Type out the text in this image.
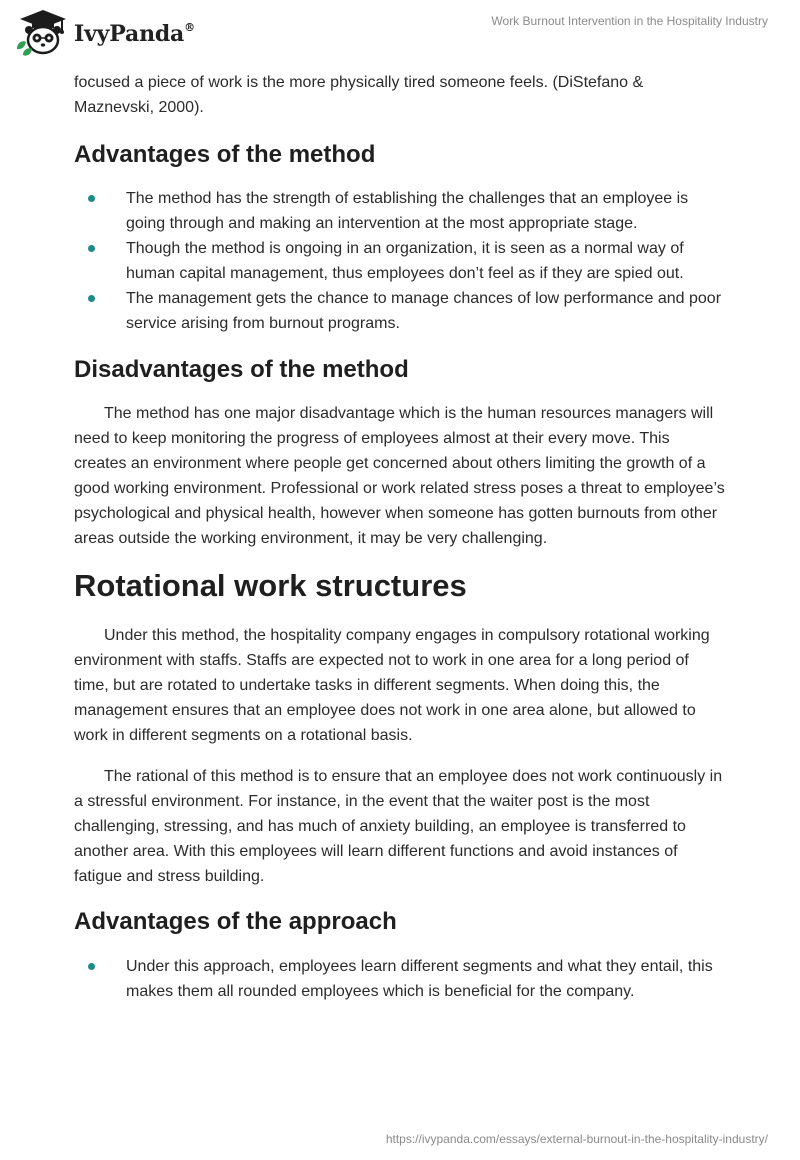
IvyPanda®	Work Burnout Intervention in the Hospitality Industry

focused a piece of work is the more physically tired someone feels. (DiStefano & Maznevski, 2000).

Advantages of the method
The method has the strength of establishing the challenges that an employee is going through and making an intervention at the most appropriate stage.
Though the method is ongoing in an organization, it is seen as a normal way of human capital management, thus employees don’t feel as if they are spied out.
The management gets the chance to manage chances of low performance and poor service arising from burnout programs.
Disadvantages of the method

The method has one major disadvantage which is the human resources managers will need to keep monitoring the progress of employees almost at their every move. This creates an environment where people get concerned about others limiting the growth of a good working environment. Professional or work related stress poses a threat to employee’s psychological and physical health, however when someone has gotten burnouts from other areas outside the working environment, it may be very challenging.

Rotational work structures

Under this method, the hospitality company engages in compulsory rotational working environment with staffs. Staffs are expected not to work in one area for a long period of time, but are rotated to undertake tasks in different segments. When doing this, the management ensures that an employee does not work in one area alone, but allowed to work in different segments on a rotational basis.

The rational of this method is to ensure that an employee does not work continuously in a stressful environment. For instance, in the event that the waiter post is the most challenging, stressing, and has much of anxiety building, an employee is transferred to another area. With this employees will learn different functions and avoid instances of fatigue and stress building.

Advantages of the approach
Under this approach, employees learn different segments and what they entail, this makes them all rounded employees which is beneficial for the company.
https://ivypanda.com/essays/external-burnout-in-the-hospitality-industry/
